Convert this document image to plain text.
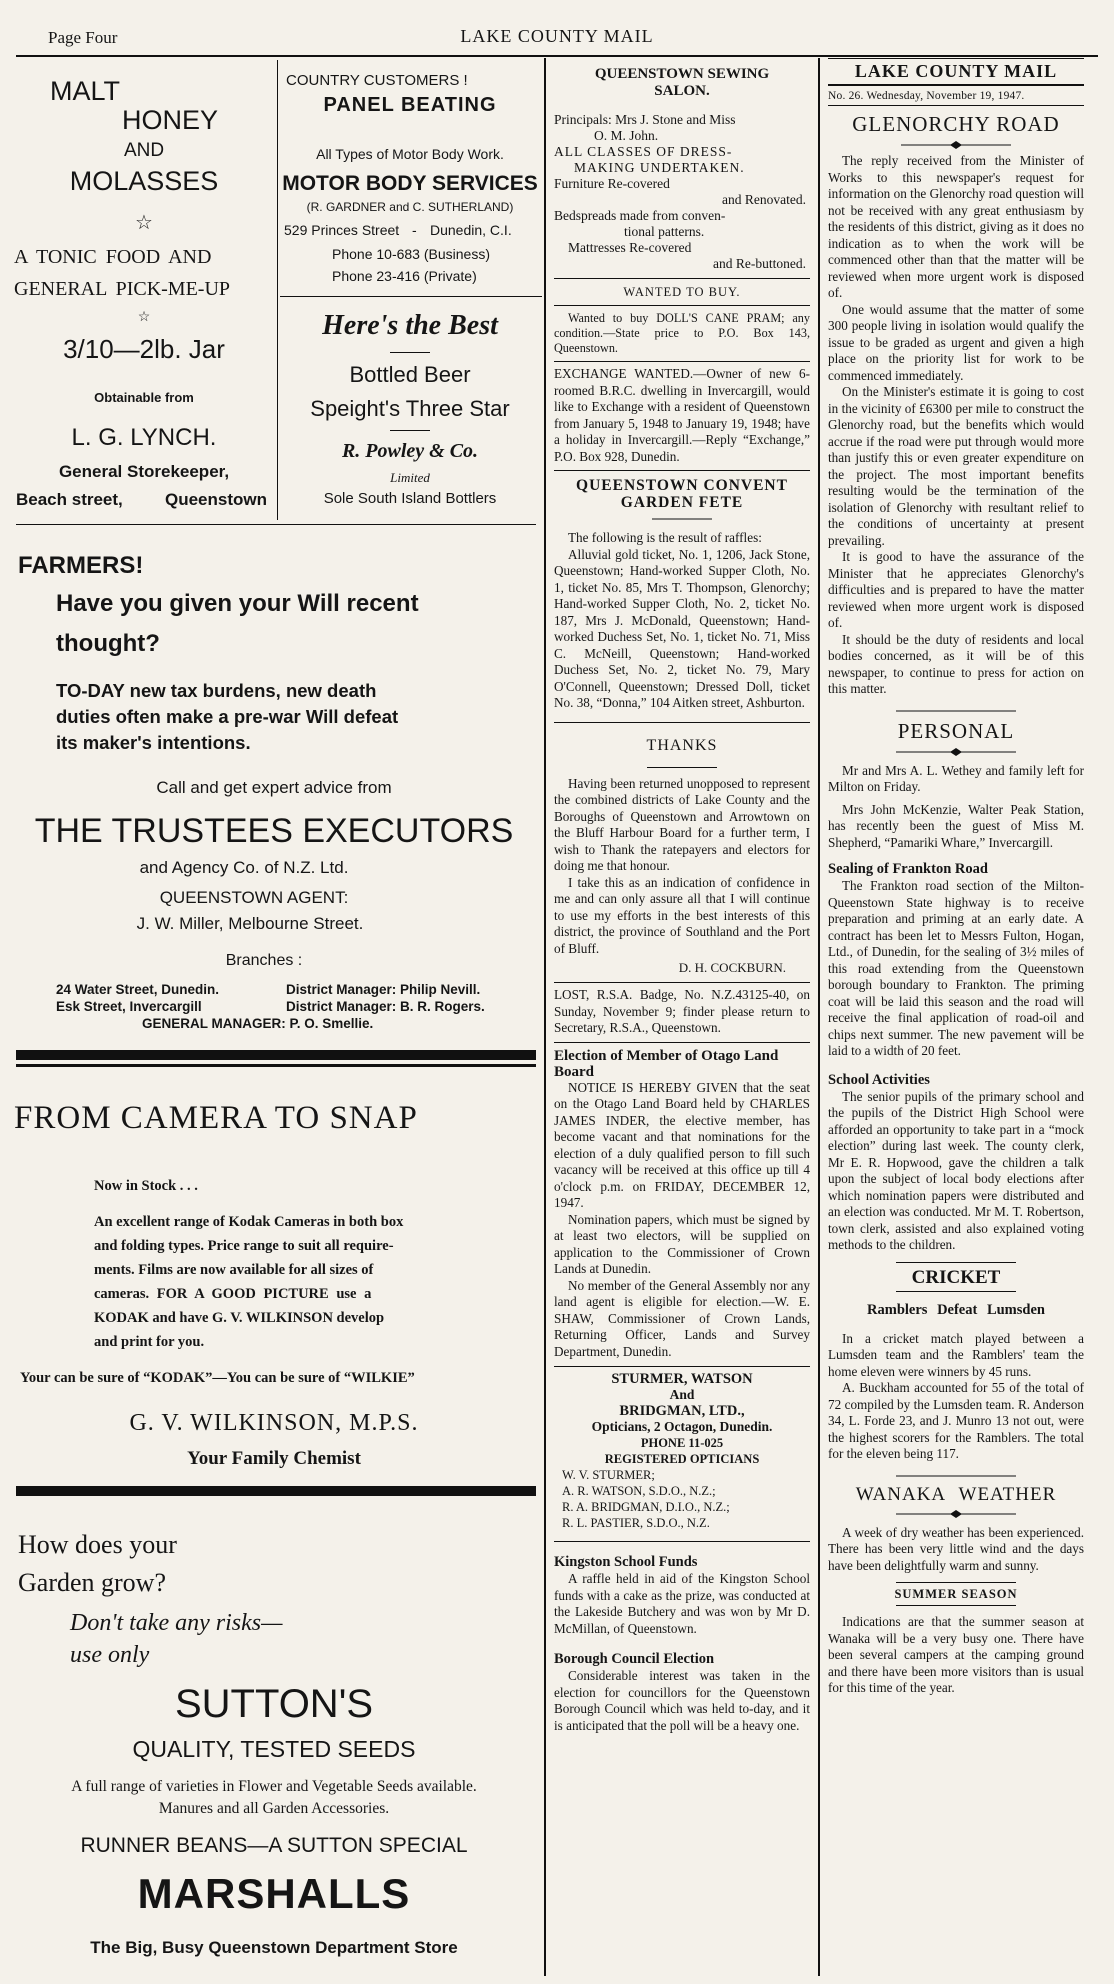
Page Four	LAKE COUNTY MAIL
MALT
HONEY
AND
MOLASSES
☆
A TONIC FOOD AND
GENERAL PICK-ME-UP
☆
3/10—2lb. Jar
Obtainable from
L. G. LYNCH.
General Storekeeper,
Beach street, Queenstown
COUNTRY CUSTOMERS !
PANEL BEATING
All Types of Motor Body Work.
MOTOR BODY SERVICES
(R. GARDNER and C. SUTHERLAND)
529 Princes Street - Dunedin, C.I.
Phone 10-683 (Business)
Phone 23-416 (Private)
Here's the Best
Bottled Beer
Speight's Three Star
R. Powley & Co.
Limited
Sole South Island Bottlers
FARMERS!
Have you given your Will recent
thought?
TO-DAY new tax burdens, new death
duties often make a pre-war Will defeat
its maker's intentions.
Call and get expert advice from
THE TRUSTEES EXECUTORS
and Agency Co. of N.Z. Ltd.
QUEENSTOWN AGENT:
J. W. Miller, Melbourne Street.
Branches :
24 Water Street, Dunedin.	District Manager: Philip Nevill.
Esk Street, Invercargill	District Manager: B. R. Rogers.
GENERAL MANAGER: P. O. Smellie.
FROM CAMERA TO SNAP
Now in Stock . . .
An excellent range of Kodak Cameras in both box
and folding types. Price range to suit all require-
ments. Films are now available for all sizes of
cameras. FOR A GOOD PICTURE use a
KODAK and have G. V. WILKINSON develop
and print for you.
Your can be sure of “KODAK”—You can be sure of “WILKIE”
G. V. WILKINSON, M.P.S.
Your Family Chemist
How does your
Garden grow?
Don't take any risks—
use only
SUTTON'S
QUALITY, TESTED SEEDS
A full range of varieties in Flower and Vegetable Seeds available.
Manures and all Garden Accessories.
RUNNER BEANS—A SUTTON SPECIAL
MARSHALLS
The Big, Busy Queenstown Department Store
QUEENSTOWN SEWING
SALON.
Principals: Mrs J. Stone and Miss
O. M. John.
ALL CLASSES OF DRESS-
MAKING UNDERTAKEN.
Furniture Re-covered
and Renovated.
Bedspreads made from conven-
tional patterns.
Mattresses Re-covered
and Re-buttoned.
WANTED TO BUY.

Wanted to buy DOLL'S CANE PRAM; any condition.—State price to P.O. Box 143, Queenstown.

EXCHANGE WANTED.—Owner of new 6-roomed B.R.C. dwelling in Invercargill, would like to Exchange with a resident of Queenstown from January 5, 1948 to January 19, 1948; have a holiday in Invercargill.—Reply “Exchange,” P.O. Box 928, Dunedin.

QUEENSTOWN CONVENT
GARDEN FETE

The following is the result of raffles:

Alluvial gold ticket, No. 1, 1206, Jack Stone, Queenstown; Hand-worked Supper Cloth, No. 1, ticket No. 85, Mrs T. Thompson, Glenorchy; Hand-worked Supper Cloth, No. 2, ticket No. 187, Mrs J. McDonald, Queenstown; Hand-worked Duchess Set, No. 1, ticket No. 71, Miss C. McNeill, Queenstown; Hand-worked Duchess Set, No. 2, ticket No. 79, Mary O'Connell, Queenstown; Dressed Doll, ticket No. 38, “Donna,” 104 Aitken street, Ashburton.

THANKS

Having been returned unopposed to represent the combined districts of Lake County and the Boroughs of Queenstown and Arrowtown on the Bluff Harbour Board for a further term, I wish to Thank the ratepayers and electors for doing me that honour.

I take this as an indication of confidence in me and can only assure all that I will continue to use my efforts in the best interests of this district, the province of Southland and the Port of Bluff.

D. H. COCKBURN.

LOST, R.S.A. Badge, No. N.Z.43125-40, on Sunday, November 9; finder please return to Secretary, R.S.A., Queenstown.

Election of Member of Otago Land Board

NOTICE IS HEREBY GIVEN that the seat on the Otago Land Board held by CHARLES JAMES INDER, the elective member, has become vacant and that nominations for the election of a duly qualified person to fill such vacancy will be received at this office up till 4 o'clock p.m. on FRIDAY, DECEMBER 12, 1947.

Nomination papers, which must be signed by at least two electors, will be supplied on application to the Commissioner of Crown Lands at Dunedin.

No member of the General Assembly nor any land agent is eligible for election.—W. E. SHAW, Commissioner of Crown Lands, Returning Officer, Lands and Survey Department, Dunedin.

STURMER, WATSON
And
BRIDGMAN, LTD.,
Opticians, 2 Octagon, Dunedin.
PHONE 11-025
REGISTERED OPTICIANS
W. V. STURMER;
A. R. WATSON, S.D.O., N.Z.;
R. A. BRIDGMAN, D.I.O., N.Z.;
R. L. PASTIER, S.D.O., N.Z.
Kingston School Funds

A raffle held in aid of the Kingston School funds with a cake as the prize, was conducted at the Lakeside Butchery and was won by Mr D. McMillan, of Queenstown.

Borough Council Election

Considerable interest was taken in the election for councillors for the Queenstown Borough Council which was held to-day, and it is anticipated that the poll will be a heavy one.

LAKE COUNTY MAIL
No. 26. Wednesday, November 19, 1947.
GLENORCHY ROAD

The reply received from the Minister of Works to this newspaper's request for information on the Glenorchy road question will not be received with any great enthusiasm by the residents of this district, giving as it does no indication as to when the work will be commenced other than that the matter will be reviewed when more urgent work is disposed of.

One would assume that the matter of some 300 people living in isolation would qualify the issue to be graded as urgent and given a high place on the priority list for work to be commenced immediately.

On the Minister's estimate it is going to cost in the vicinity of £6300 per mile to construct the Glenorchy road, but the benefits which would accrue if the road were put through would more than justify this or even greater expenditure on the project. The most important benefits resulting would be the termination of the isolation of Glenorchy with resultant relief to the conditions of uncertainty at present prevailing.

It is good to have the assurance of the Minister that he appreciates Glenorchy's difficulties and is prepared to have the matter reviewed when more urgent work is disposed of.

It should be the duty of residents and local bodies concerned, as it will be of this newspaper, to continue to press for action on this matter.

PERSONAL

Mr and Mrs A. L. Wethey and family left for Milton on Friday.

Mrs John McKenzie, Walter Peak Station, has recently been the guest of Miss M. Shepherd, “Pamariki Whare,” Invercargill.

Sealing of Frankton Road

The Frankton road section of the Milton-Queenstown State highway is to receive preparation and priming at an early date. A contract has been let to Messrs Fulton, Hogan, Ltd., of Dunedin, for the sealing of 3½ miles of this road extending from the Queenstown borough boundary to Frankton. The priming coat will be laid this season and the road will receive the final application of road-oil and chips next summer. The new pavement will be laid to a width of 20 feet.

School Activities

The senior pupils of the primary school and the pupils of the District High School were afforded an opportunity to take part in a “mock election” during last week. The county clerk, Mr E. R. Hopwood, gave the children a talk upon the subject of local body elections after which nomination papers were distributed and an election was conducted. Mr M. T. Robertson, town clerk, assisted and also explained voting methods to the children.

CRICKET
Ramblers Defeat Lumsden

In a cricket match played between a Lumsden team and the Ramblers' team the home eleven were winners by 45 runs.

A. Buckham accounted for 55 of the total of 72 compiled by the Lumsden team. R. Anderson 34, L. Forde 23, and J. Munro 13 not out, were the highest scorers for the Ramblers. The total for the eleven being 117.

WANAKA WEATHER

A week of dry weather has been experienced. There has been very little wind and the days have been delightfully warm and sunny.

SUMMER SEASON

Indications are that the summer season at Wanaka will be a very busy one. There have been several campers at the camping ground and there have been more visitors than is usual for this time of the year.
